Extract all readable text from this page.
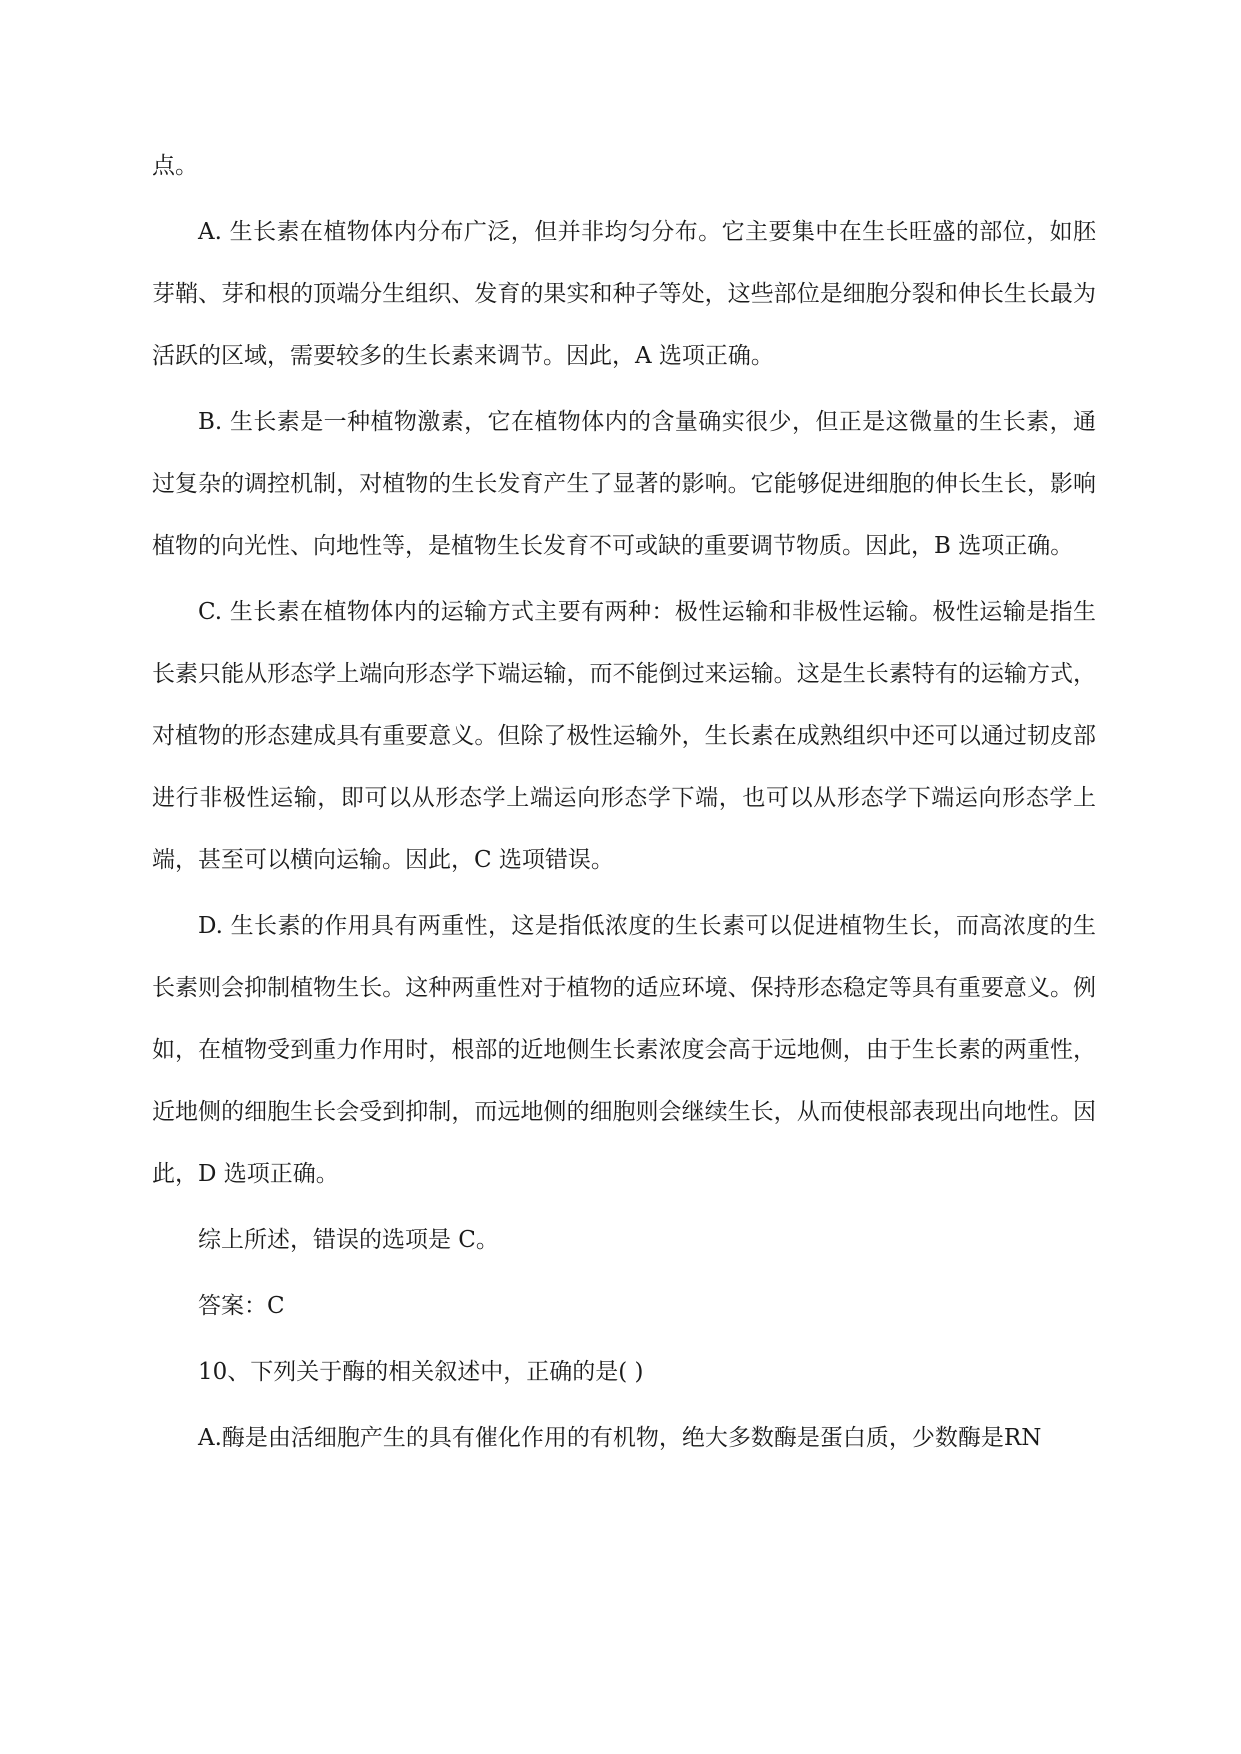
点。

A. 生长素在植物体内分布广泛，但并非均匀分布。它主要集中在生长旺盛的部位，如胚芽鞘、芽和根的顶端分生组织、发育的果实和种子等处，这些部位是细胞分裂和伸长生长最为活跃的区域，需要较多的生长素来调节。因此，A 选项正确。

B. 生长素是一种植物激素，它在植物体内的含量确实很少，但正是这微量的生长素，通过复杂的调控机制，对植物的生长发育产生了显著的影响。它能够促进细胞的伸长生长，影响植物的向光性、向地性等，是植物生长发育不可或缺的重要调节物质。因此，B 选项正确。

C. 生长素在植物体内的运输方式主要有两种：极性运输和非极性运输。极性运输是指生长素只能从形态学上端向形态学下端运输，而不能倒过来运输。这是生长素特有的运输方式，对植物的形态建成具有重要意义。但除了极性运输外，生长素在成熟组织中还可以通过韧皮部进行非极性运输，即可以从形态学上端运向形态学下端，也可以从形态学下端运向形态学上端，甚至可以横向运输。因此，C 选项错误。

D. 生长素的作用具有两重性，这是指低浓度的生长素可以促进植物生长，而高浓度的生长素则会抑制植物生长。这种两重性对于植物的适应环境、保持形态稳定等具有重要意义。例如，在植物受到重力作用时，根部的近地侧生长素浓度会高于远地侧，由于生长素的两重性，近地侧的细胞生长会受到抑制，而远地侧的细胞则会继续生长，从而使根部表现出向地性。因此，D 选项正确。

综上所述，错误的选项是 C。

答案：C

10、下列关于酶的相关叙述中，正确的是( )

A.酶是由活细胞产生的具有催化作用的有机物，绝大多数酶是蛋白质，少数酶是RN
